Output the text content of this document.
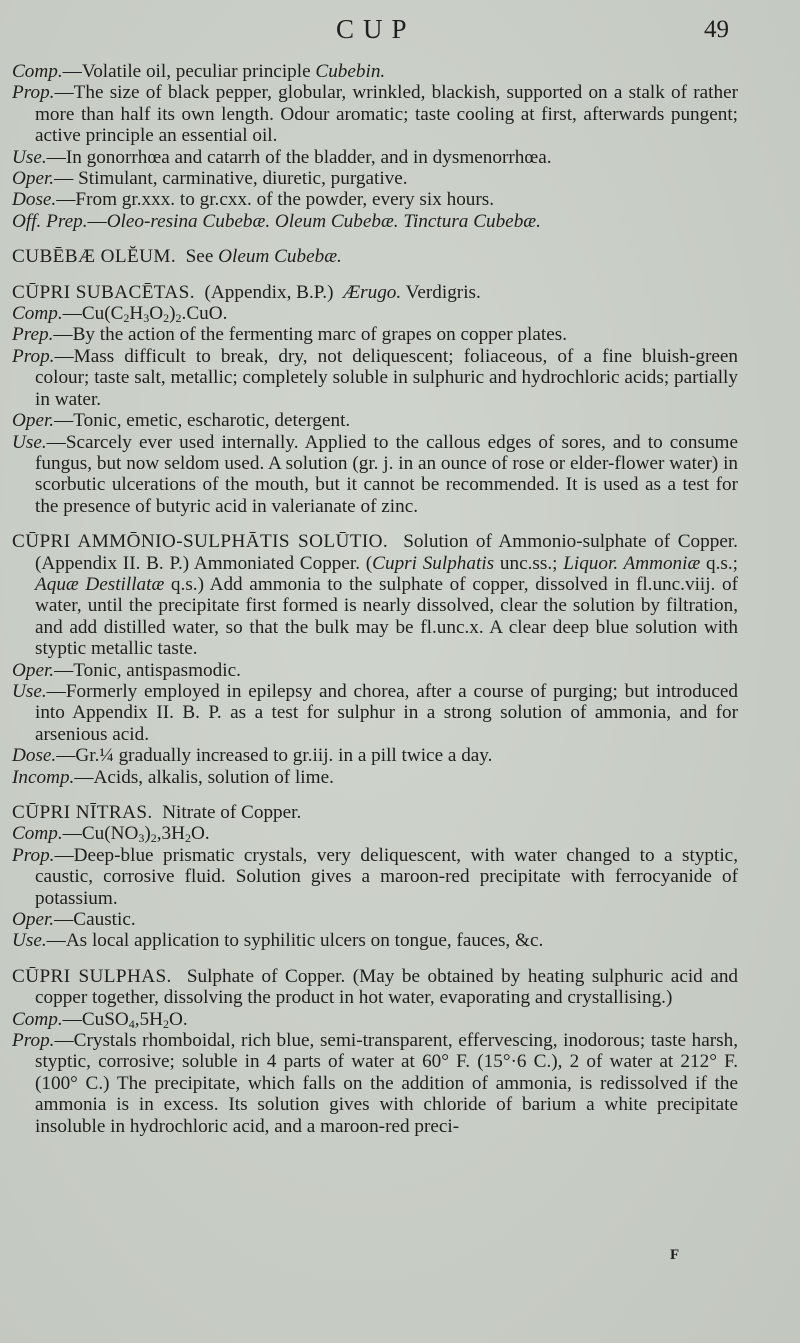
CUP	49

Comp.—Volatile oil, peculiar principle Cubebin.

Prop.—The size of black pepper, globular, wrinkled, blackish, supported on a stalk of rather more than half its own length. Odour aromatic; taste cooling at first, afterwards pungent; active principle an essential oil.

Use.—In gonorrhœa and catarrh of the bladder, and in dysmenorrhœa.

Oper.— Stimulant, carminative, diuretic, purgative.

Dose.—From gr.xxx. to gr.cxx. of the powder, every six hours.

Off. Prep.—Oleo-resina Cubebæ. Oleum Cubebæ. Tinctura Cubebæ.

CUBĒBÆ OLĔUM. See Oleum Cubebæ.

CŪPRI SUBACĒTAS. (Appendix, B.P.)  Ærugo. Verdigris.

$Comp.—Cu(C_2H_3O_2)_2.CuO$.

Prep.—By the action of the fermenting marc of grapes on copper plates.

Prop.—Mass difficult to break, dry, not deliquescent; foliaceous, of a fine bluish-green colour; taste salt, metallic; completely soluble in sulphuric and hydrochloric acids; partially in water.

Oper.—Tonic, emetic, escharotic, detergent.

Use.—Scarcely ever used internally. Applied to the callous edges of sores, and to consume fungus, but now seldom used. A solution (gr. j. in an ounce of rose or elder-flower water) in scorbutic ulcerations of the mouth, but it cannot be recommended. It is used as a test for the presence of butyric acid in valerianate of zinc.

CŪPRI AMMŌNIO-SULPHĀTIS SOLŪTIO. Solution of Ammonio-sulphate of Copper. (Appendix II. B. P.) Ammoniated Copper. (Cupri Sulphatis unc.ss.; Liquor. Ammoniæ q.s.; Aquæ Destillatæ q.s.) Add ammonia to the sulphate of copper, dissolved in fl.unc.viij. of water, until the precipitate first formed is nearly dissolved, clear the solution by filtration, and add distilled water, so that the bulk may be fl.unc.x. A clear deep blue solution with styptic metallic taste.

Oper.—Tonic, antispasmodic.

Use.—Formerly employed in epilepsy and chorea, after a course of purging; but introduced into Appendix II. B. P. as a test for sulphur in a strong solution of ammonia, and for arsenious acid.

Dose.—Gr.¼ gradually increased to gr.iij. in a pill twice a day.

Incomp.—Acids, alkalis, solution of lime.

CŪPRI NĪTRAS. Nitrate of Copper.

$Comp.—Cu(NO_3)_2,3H_2O$.

Prop.—Deep-blue prismatic crystals, very deliquescent, with water changed to a styptic, caustic, corrosive fluid. Solution gives a maroon-red precipitate with ferrocyanide of potassium.

Oper.—Caustic.

Use.—As local application to syphilitic ulcers on tongue, fauces, &c.

CŪPRI SULPHAS. Sulphate of Copper. (May be obtained by heating sulphuric acid and copper together, dissolving the product in hot water, evaporating and crystallising.)

$Comp.—CuSO_4,5H_2O$.

Prop.—Crystals rhomboidal, rich blue, semi-transparent, effervescing, inodorous; taste harsh, styptic, corrosive; soluble in 4 parts of water at 60° F. (15°·6 C.), 2 of water at 212° F. (100° C.) The precipitate, which falls on the addition of ammonia, is redissolved if the ammonia is in excess. Its solution gives with chloride of barium a white precipitate insoluble in hydrochloric acid, and a maroon-red preci-

F
